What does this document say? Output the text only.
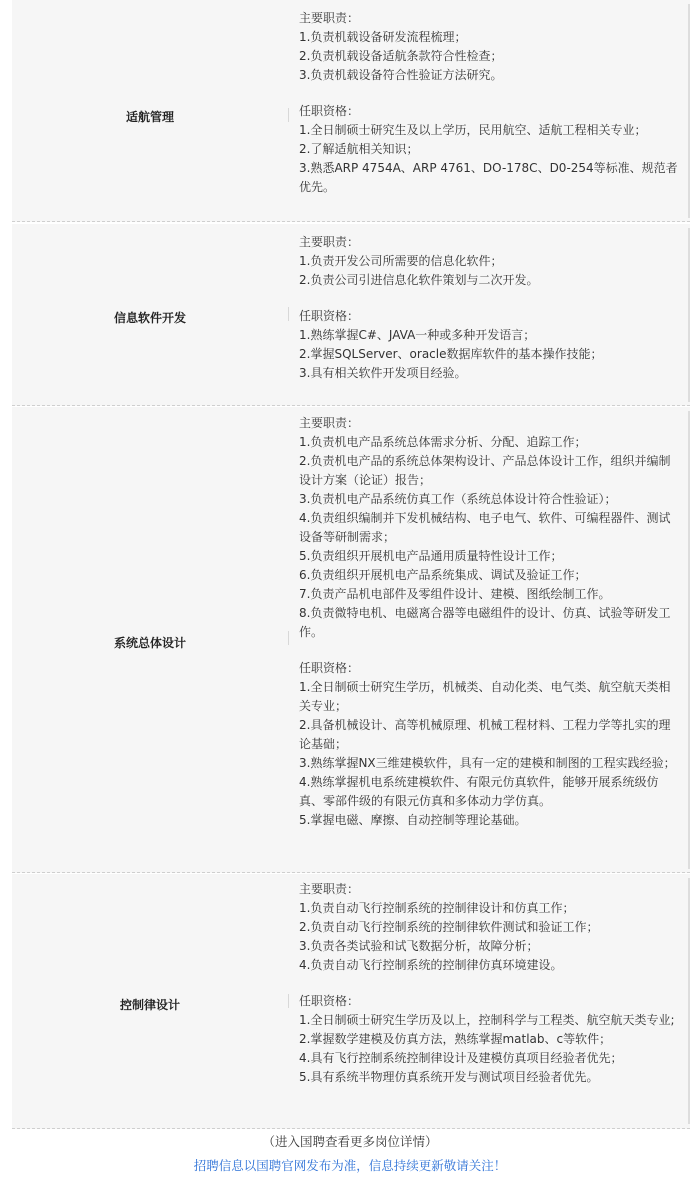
适航管理
主要职责：
1.负责机载设备研发流程梳理；
2.负责机载设备适航条款符合性检查；
3.负责机载设备符合性验证方法研究。
任职资格：
1.全日制硕士研究生及以上学历，民用航空、适航工程相关专业；
2.了解适航相关知识；
3.熟悉ARP 4754A、ARP 4761、DO-178C、D0-254等标准、规范者优先。
信息软件开发
主要职责：
1.负责开发公司所需要的信息化软件；
2.负责公司引进信息化软件策划与二次开发。
任职资格：
1.熟练掌握C#、JAVA一种或多种开发语言；
2.掌握SQLServer、oracle数据库软件的基本操作技能；
3.具有相关软件开发项目经验。
系统总体设计
主要职责：
1.负责机电产品系统总体需求分析、分配、追踪工作；
2.负责机电产品的系统总体架构设计、产品总体设计工作，组织并编制设计方案（论证）报告；
3.负责机电产品系统仿真工作（系统总体设计符合性验证）；
4.负责组织编制并下发机械结构、电子电气、软件、可编程器件、测试设备等研制需求；
5.负责组织开展机电产品通用质量特性设计工作；
6.负责组织开展机电产品系统集成、调试及验证工作；
7.负责产品机电部件及零组件设计、建模、图纸绘制工作。
8.负责微特电机、电磁离合器等电磁组件的设计、仿真、试验等研发工作。
任职资格：
1.全日制硕士研究生学历，机械类、自动化类、电气类、航空航天类相关专业；
2.具备机械设计、高等机械原理、机械工程材料、工程力学等扎实的理论基础；
3.熟练掌握NX三维建模软件，具有一定的建模和制图的工程实践经验；
4.熟练掌握机电系统建模软件、有限元仿真软件，能够开展系统级仿真、零部件级的有限元仿真和多体动力学仿真。
5.掌握电磁、摩擦、自动控制等理论基础。
控制律设计
主要职责：
1.负责自动飞行控制系统的控制律设计和仿真工作；
2.负责自动飞行控制系统的控制律软件测试和验证工作；
3.负责各类试验和试飞数据分析，故障分析；
4.负责自动飞行控制系统的控制律仿真环境建设。
任职资格：
1.全日制硕士研究生学历及以上，控制科学与工程类、航空航天类专业;
2.掌握数学建模及仿真方法，熟练掌握matlab、c等软件；
4.具有飞行控制系统控制律设计及建模仿真项目经验者优先；
5.具有系统半物理仿真系统开发与测试项目经验者优先。
（进入国聘查看更多岗位详情）
招聘信息以国聘官网发布为准，信息持续更新敬请关注！
